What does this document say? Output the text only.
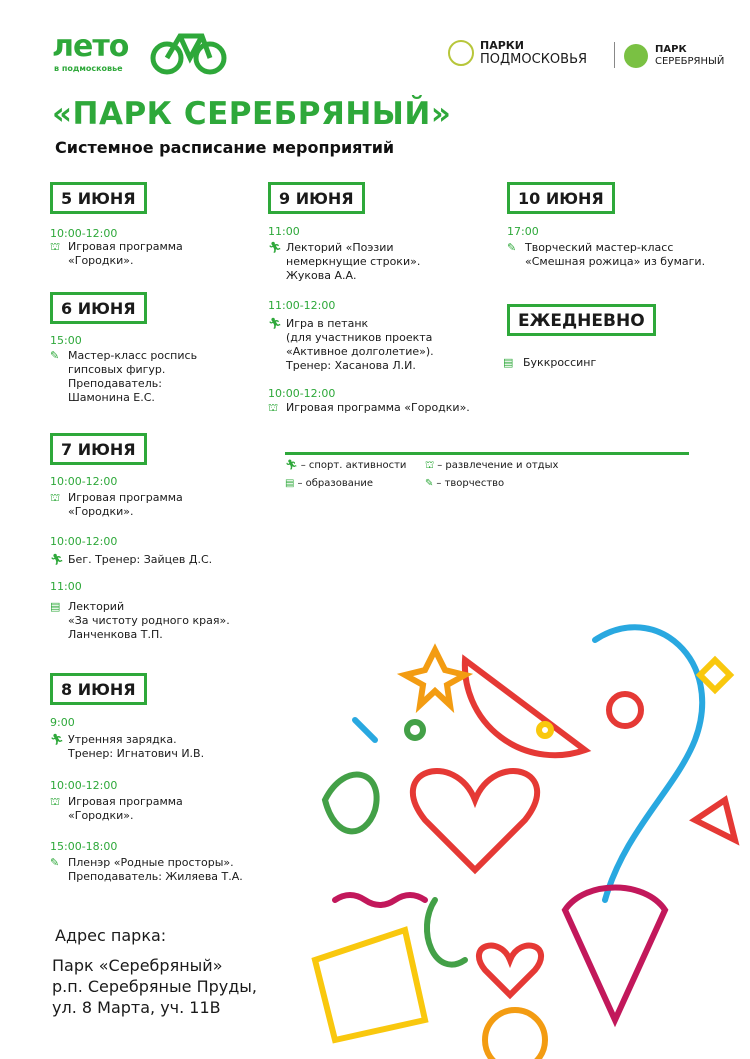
лето
в подмосковье
ПАРКИ
ПОДМОСКОВЬЯ
ПАРК
СЕРЕБРЯНЫЙ
«ПАРК СЕРЕБРЯНЫЙ»
Системное расписание мероприятий
5 ИЮНЯ
10:00-12:00
⛫ Игровая программа
«Городки».
6 ИЮНЯ
15:00
✎ Мастер-класс роспись
гипсовых фигур.
Преподаватель:
Шамонина Е.С.
7 ИЮНЯ
10:00-12:00
⛫ Игровая программа
«Городки».
10:00-12:00
🏃︎ Бег. Тренер: Зайцев Д.С.
11:00
▤ Лекторий
«За чистоту родного края».
Ланченкова Т.П.
8 ИЮНЯ
9:00
🏃︎ Утренняя зарядка.
Тренер: Игнатович И.В.
10:00-12:00
⛫ Игровая программа
«Городки».
15:00-18:00
✎ Пленэр «Родные просторы».
Преподаватель: Жиляева Т.А.
9 ИЮНЯ
11:00
🏃︎ Лекторий «Поэзии
немеркнущие строки».
Жукова А.А.
11:00-12:00
🏃︎ Игра в петанк
(для участников проекта
«Активное долголетие»).
Тренер: Хасанова Л.И.
10:00-12:00
⛫ Игровая программа «Городки».
10 ИЮНЯ
17:00
✎ Творческий мастер-класс
«Смешная рожица» из бумаги.
ЕЖЕДНЕВНО
▤ Буккроссинг
🏃︎ – спорт. активности ⛫ – развлечение и отдых
▤ – образование	✎ – творчество
Адрес парка:
Парк «Серебряный»
р.п. Серебряные Пруды,
ул. 8 Марта, уч. 11В
